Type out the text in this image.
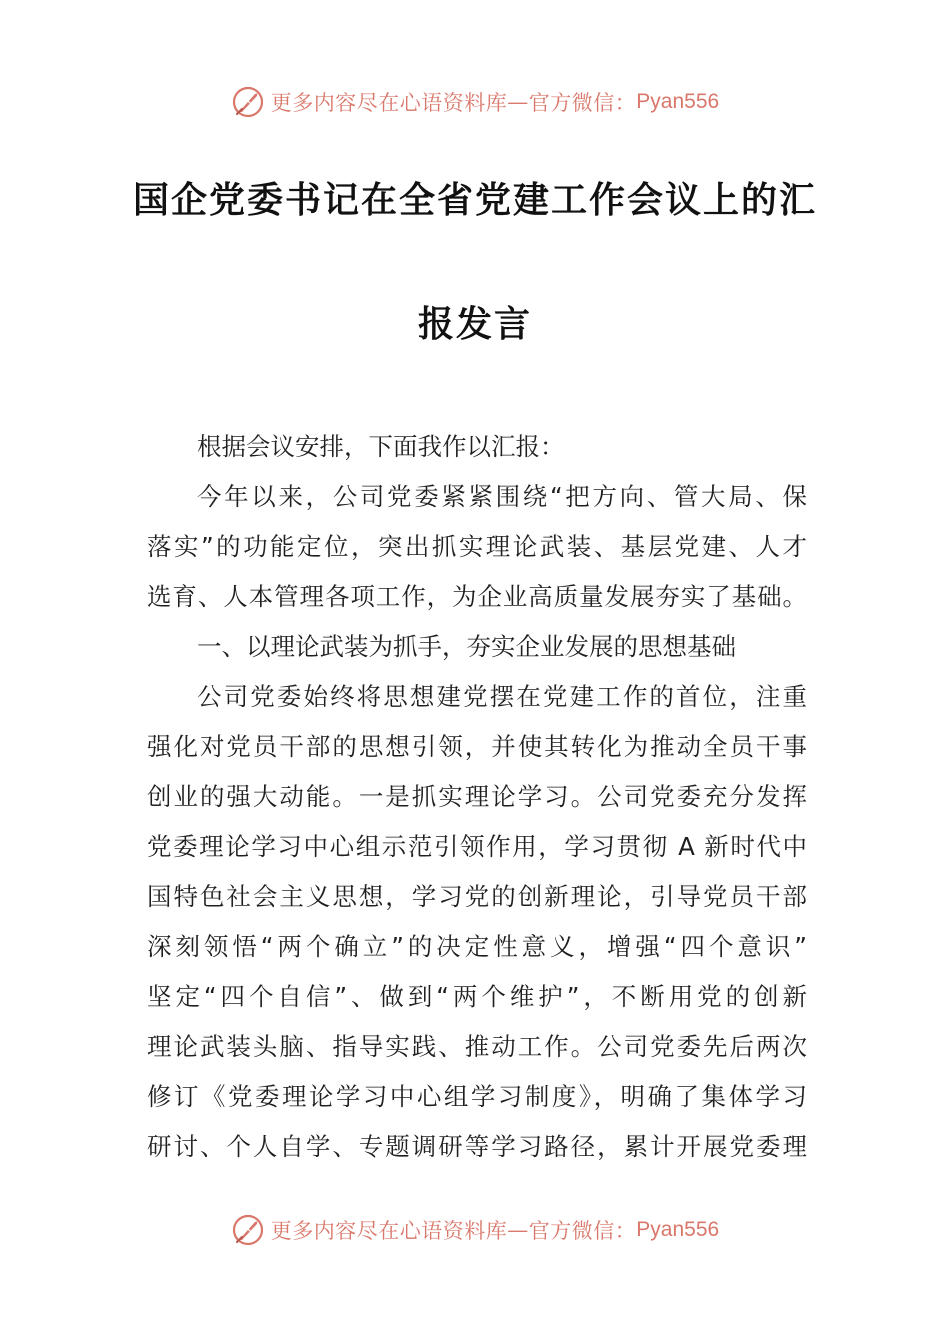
更多内容尽在心语资料库 — 官方微信： Pyan556
国企党委书记在全省党建工作会议上的汇
报发言
根据会议安排，下面我作以汇报：
今年以来，公司党委紧紧围绕“把方向、管大局、保
落实”的功能定位，突出抓实理论武装、基层党建、人才
选育、人本管理各项工作，为企业高质量发展夯实了基础。
一、以理论武装为抓手，夯实企业发展的思想基础
公司党委始终将思想建党摆在党建工作的首位，注重
强化对党员干部的思想引领，并使其转化为推动全员干事
创业的强大动能。一是抓实理论学习。公司党委充分发挥
党委理论学习中心组示范引领作用，学习贯彻 A 新时代中
国特色社会主义思想，学习党的创新理论，引导党员干部
深刻领悟“两个确立”的决定性意义，增强“四个意识”
坚定“四个自信”、做到“两个维护”，不断用党的创新
理论武装头脑、指导实践、推动工作。公司党委先后两次
修订《党委理论学习中心组学习制度》，明确了集体学习
研讨、个人自学、专题调研等学习路径，累计开展党委理
更多内容尽在心语资料库 — 官方微信： Pyan556
